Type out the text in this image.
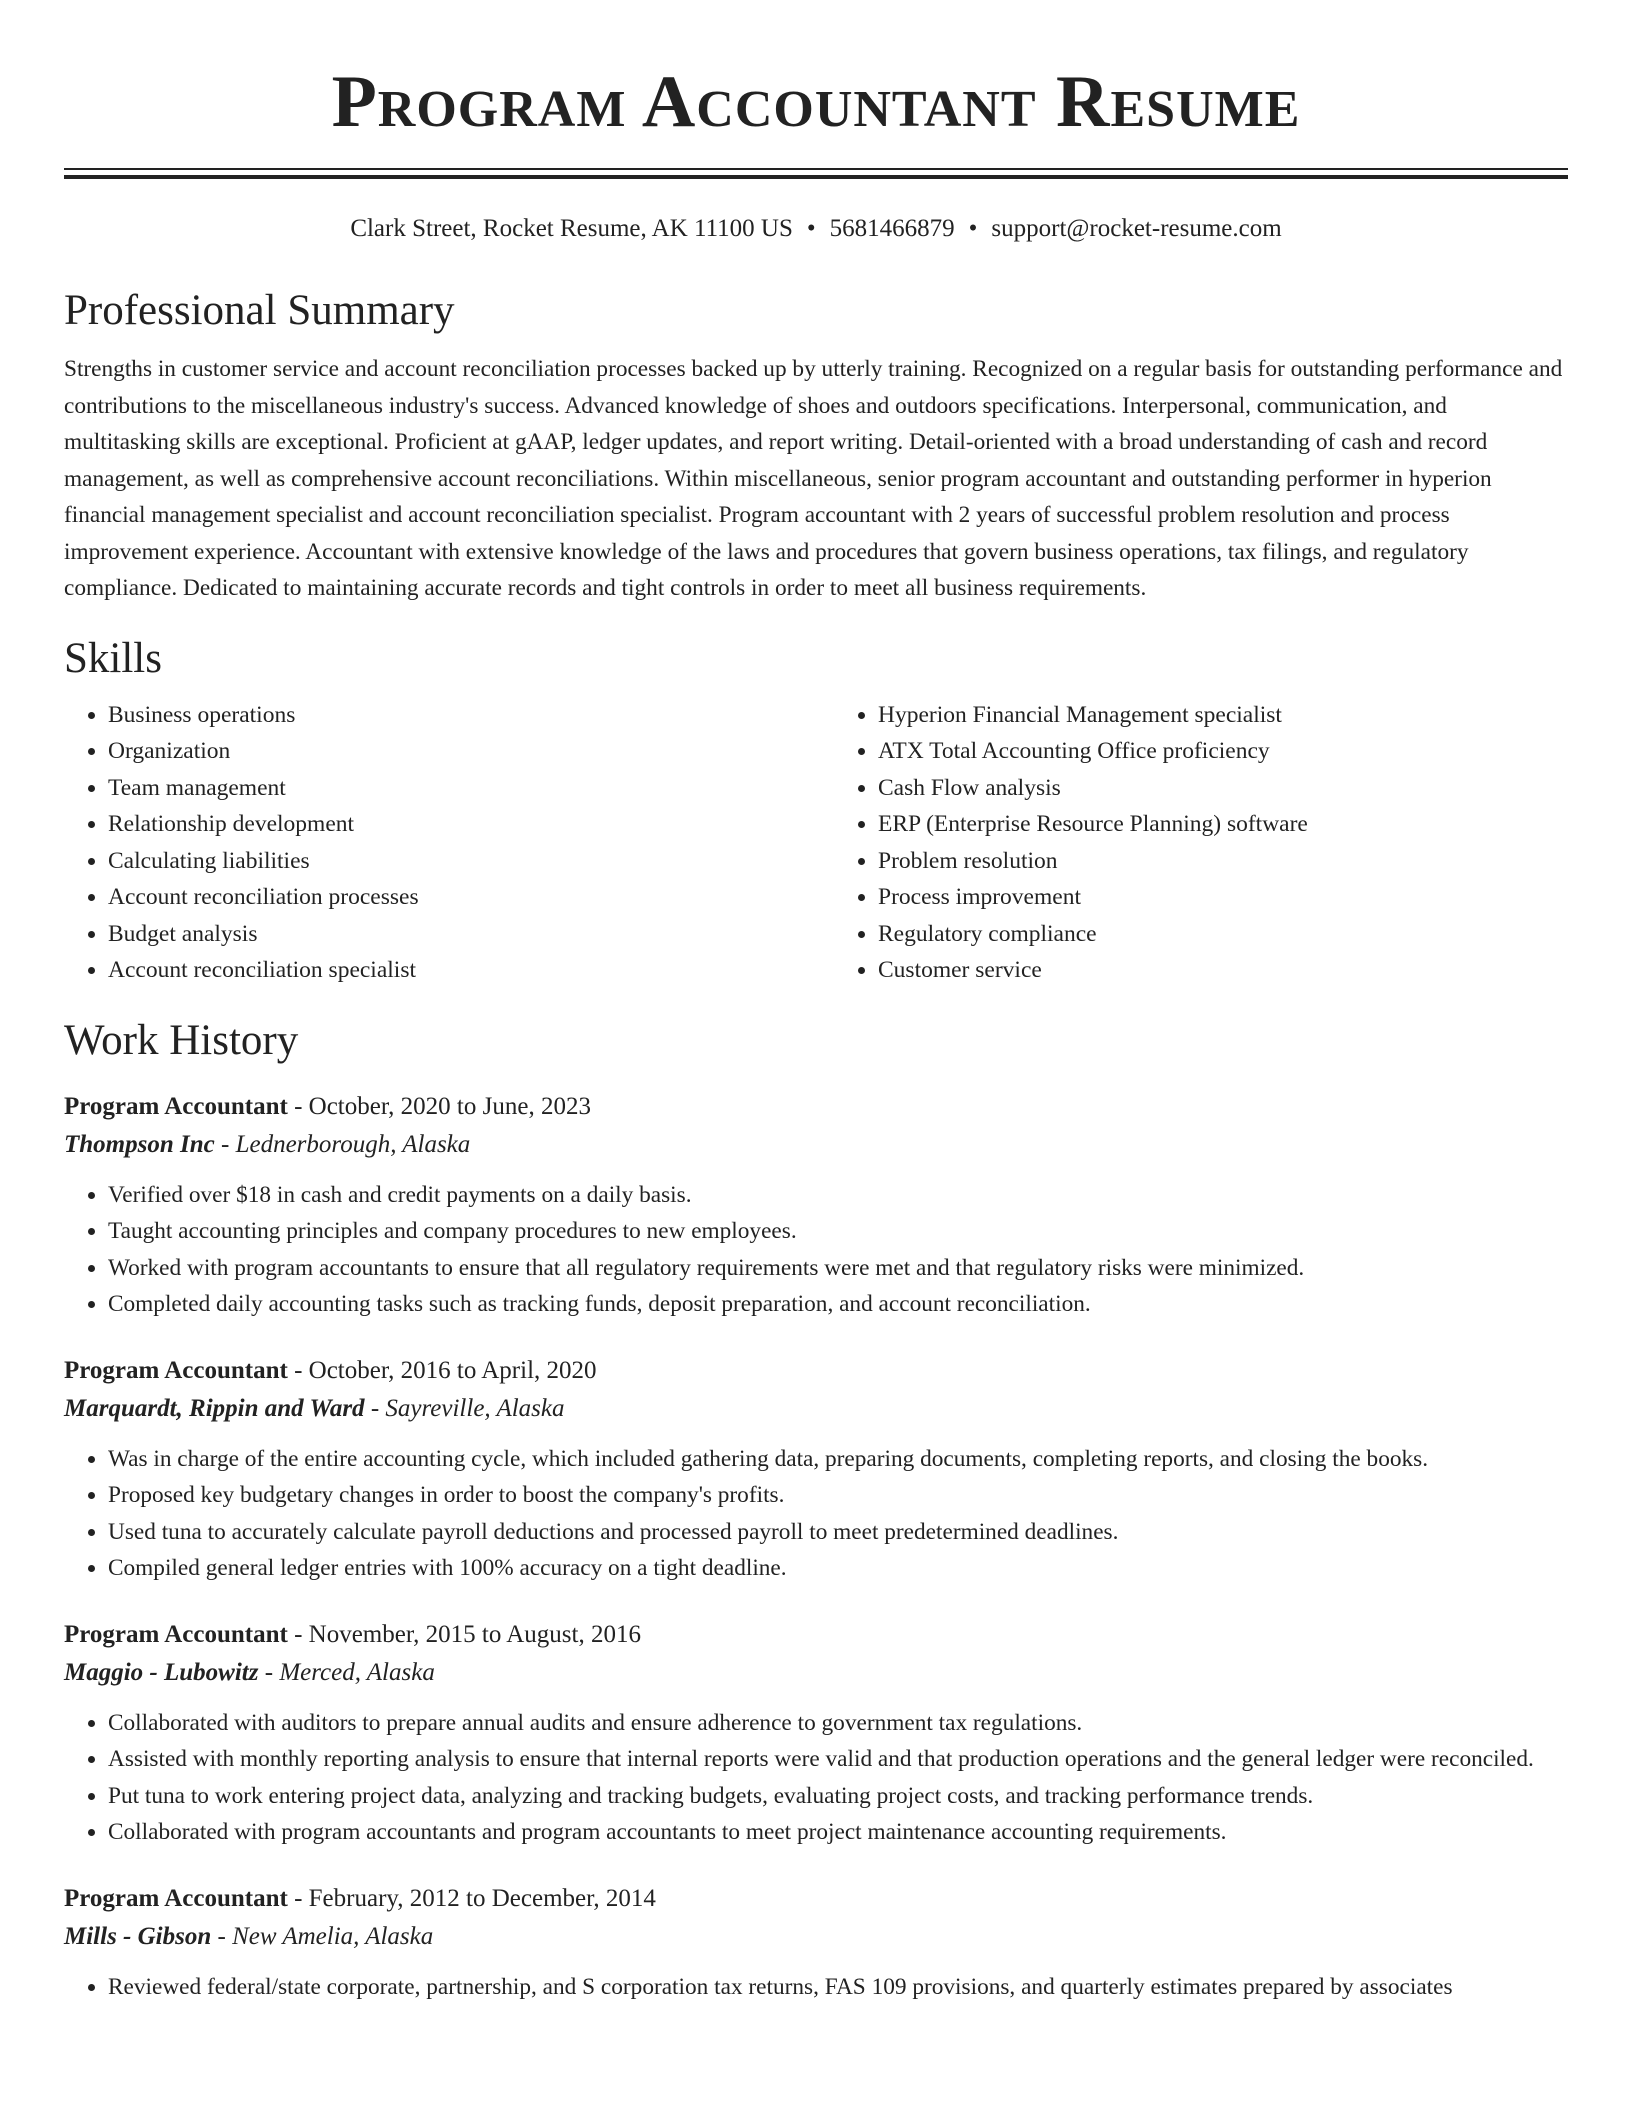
Program Accountant Resume
Clark Street, Rocket Resume, AK 11100 US • 5681466879 • support@rocket-resume.com
Professional Summary
Strengths in customer service and account reconciliation processes backed up by utterly training. Recognized on a regular basis for outstanding performance and contributions to the miscellaneous industry's success. Advanced knowledge of shoes and outdoors specifications. Interpersonal, communication, and multitasking skills are exceptional. Proficient at gAAP, ledger updates, and report writing. Detail-oriented with a broad understanding of cash and record management, as well as comprehensive account reconciliations. Within miscellaneous, senior program accountant and outstanding performer in hyperion financial management specialist and account reconciliation specialist. Program accountant with 2 years of successful problem resolution and process improvement experience. Accountant with extensive knowledge of the laws and procedures that govern business operations, tax filings, and regulatory compliance. Dedicated to maintaining accurate records and tight controls in order to meet all business requirements.
Skills
• Business operations
• Organization
• Team management
• Relationship development
• Calculating liabilities
• Account reconciliation processes
• Budget analysis
• Account reconciliation specialist
• Hyperion Financial Management specialist
• ATX Total Accounting Office proficiency
• Cash Flow analysis
• ERP (Enterprise Resource Planning) software
• Problem resolution
• Process improvement
• Regulatory compliance
• Customer service
Work History
Program Accountant - October, 2020 to June, 2023
Thompson Inc - Lednerborough, Alaska
• Verified over $18 in cash and credit payments on a daily basis.
• Taught accounting principles and company procedures to new employees.
• Worked with program accountants to ensure that all regulatory requirements were met and that regulatory risks were minimized.
• Completed daily accounting tasks such as tracking funds, deposit preparation, and account reconciliation.
Program Accountant - October, 2016 to April, 2020
Marquardt, Rippin and Ward - Sayreville, Alaska
• Was in charge of the entire accounting cycle, which included gathering data, preparing documents, completing reports, and closing the books.
• Proposed key budgetary changes in order to boost the company's profits.
• Used tuna to accurately calculate payroll deductions and processed payroll to meet predetermined deadlines.
• Compiled general ledger entries with 100% accuracy on a tight deadline.
Program Accountant - November, 2015 to August, 2016
Maggio - Lubowitz - Merced, Alaska
• Collaborated with auditors to prepare annual audits and ensure adherence to government tax regulations.
• Assisted with monthly reporting analysis to ensure that internal reports were valid and that production operations and the general ledger were reconciled.
• Put tuna to work entering project data, analyzing and tracking budgets, evaluating project costs, and tracking performance trends.
• Collaborated with program accountants and program accountants to meet project maintenance accounting requirements.
Program Accountant - February, 2012 to December, 2014
Mills - Gibson - New Amelia, Alaska
• Reviewed federal/state corporate, partnership, and S corporation tax returns, FAS 109 provisions, and quarterly estimates prepared by associates
